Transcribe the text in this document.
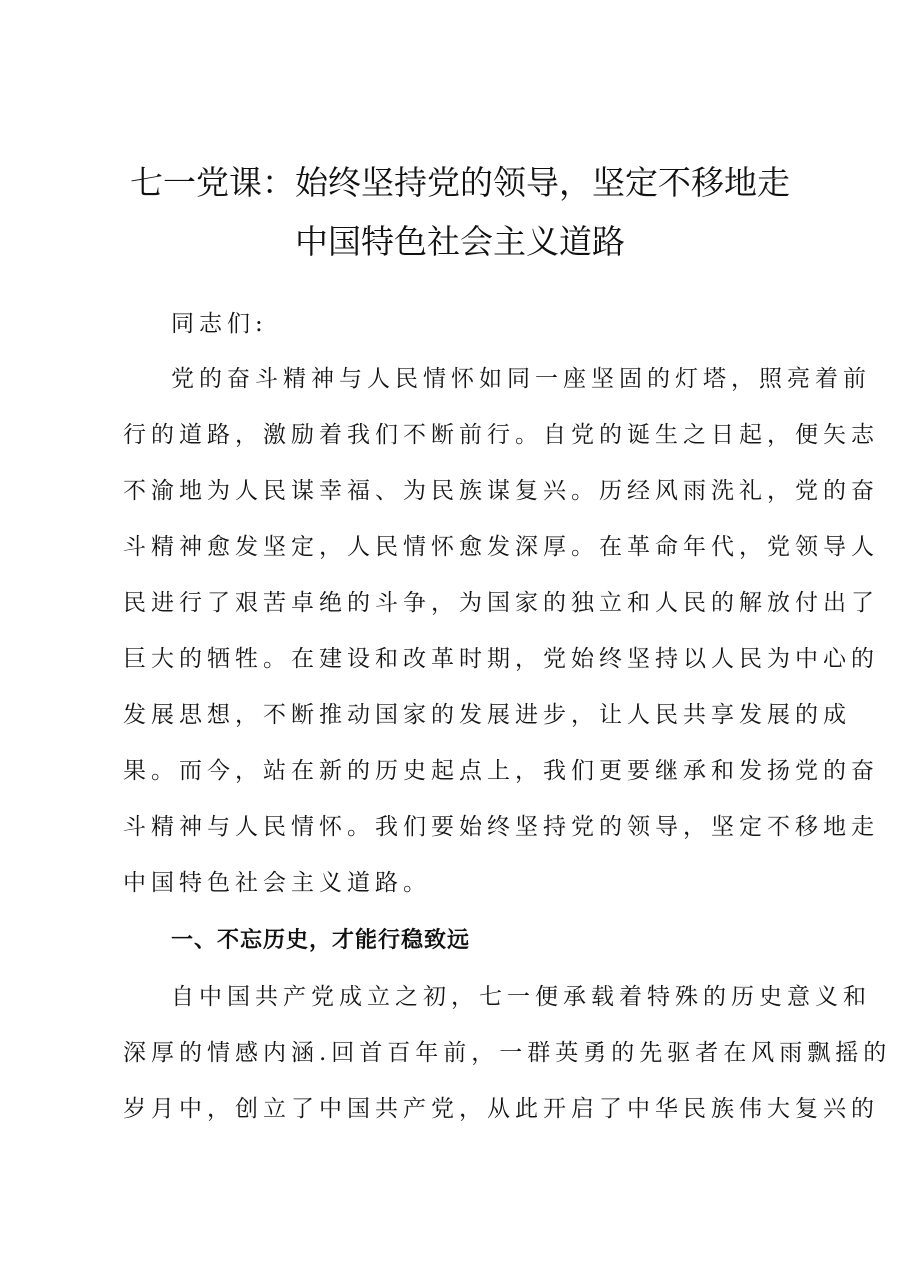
七一党课：始终坚持党的领导，坚定不移地走
中国特色社会主义道路
同志们:
党的奋斗精神与人民情怀如同一座坚固的灯塔，照亮着前
行的道路，激励着我们不断前行。自党的诞生之日起，便矢志
不渝地为人民谋幸福、为民族谋复兴。历经风雨洗礼，党的奋
斗精神愈发坚定，人民情怀愈发深厚。在革命年代，党领导人
民进行了艰苦卓绝的斗争，为国家的独立和人民的解放付出了
巨大的牺牲。在建设和改革时期，党始终坚持以人民为中心的
发展思想，不断推动国家的发展进步，让人民共享发展的成
果。而今，站在新的历史起点上，我们更要继承和发扬党的奋
斗精神与人民情怀。我们要始终坚持党的领导，坚定不移地走
中国特色社会主义道路。
一、不忘历史，才能行稳致远
自中国共产党成立之初，七一便承载着特殊的历史意义和
深厚的情感内涵.回首百年前，一群英勇的先驱者在风雨飘摇的
岁月中，创立了中国共产党，从此开启了中华民族伟大复兴的
